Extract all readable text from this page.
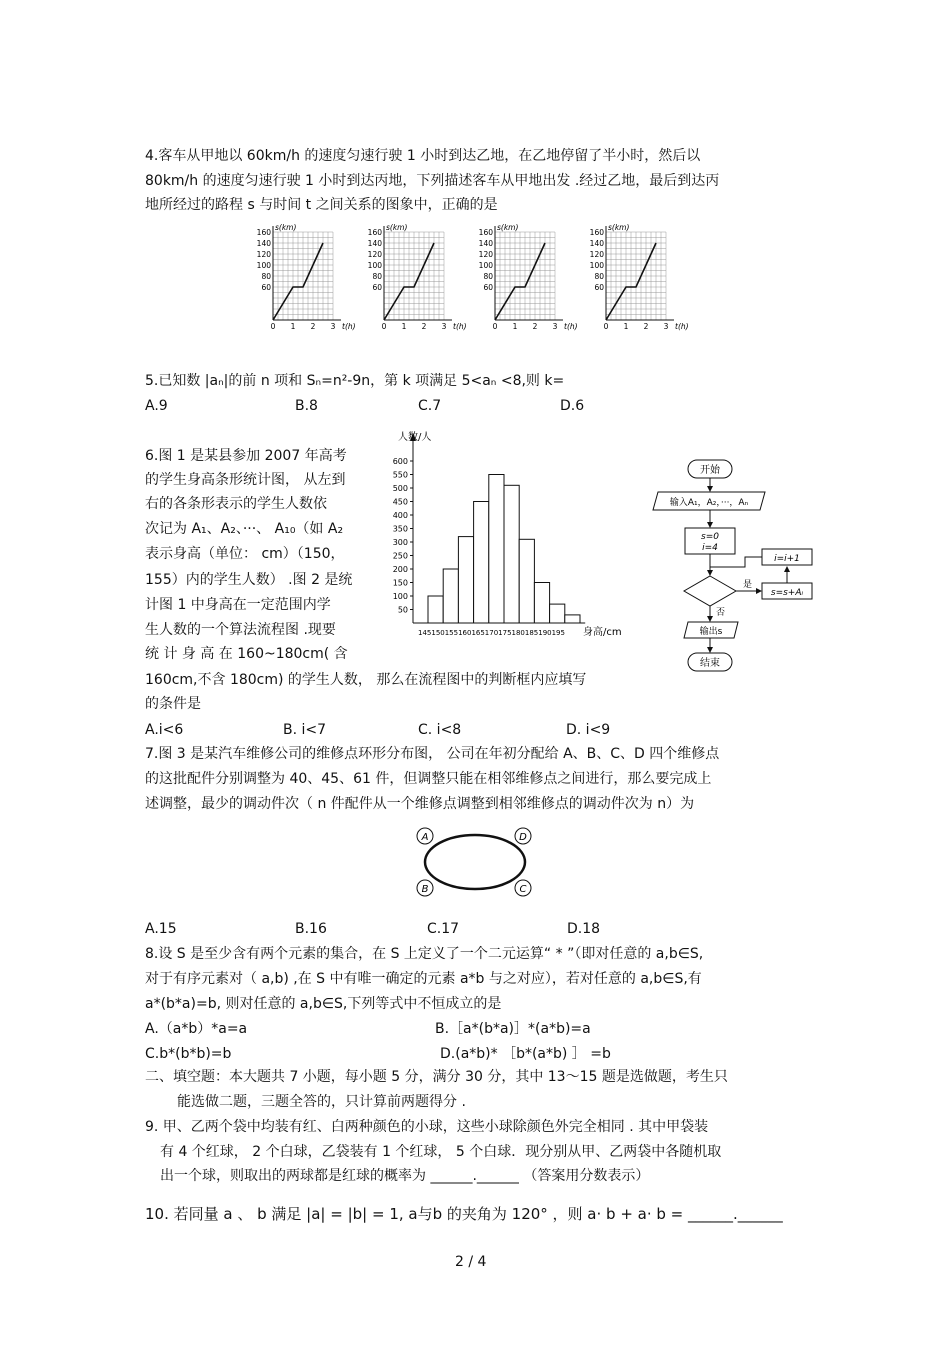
4.客车从甲地以 60km/h 的速度匀速行驶 1 小时到达乙地，在乙地停留了半小时，然后以
80km/h 的速度匀速行驶 1 小时到达丙地，下列描述客车从甲地出发 .经过乙地，最后到达丙
地所经过的路程 s 与时间 t 之间关系的图象中，正确的是
160
140
120
100
80
60
0 1 2 3
s(km)
t(h)
160
140
120
100
80
60
0 1 2 3
s(km)
t(h)
160
140
120
100
80
60
0 1 2 3
s(km)
t(h)
160
140
120
100
80
60
0 1 2 3
s(km)
t(h)
5.已知数 |aₙ|的前 n 项和 Sₙ=n²-9n，第 k 项满足 5<aₙ <8,则 k=
A.9	B.8	C.7	D.6
6.图 1 是某县参加 2007 年高考
的学生身高条形统计图， 从左到
右的各条形表示的学生人数依
次记为 A₁、A₂、···、 A₁₀（如 A₂
表示身高（单位： cm）（150，
155）内的学生人数） .图 2 是统
计图 1 中身高在一定范围内学
生人数的一个算法流程图 .现要
统 计 身 高 在 160~180cm( 含
160cm,不含 180cm) 的学生人数， 那么在流程图中的判断框内应填写
的条件是
50
100
150
200
250
300
350
400
450
500
550
600
145150155160165170175180185190195 身高/cm
人数/人
开始
输入A₁，A₂，···，Aₙ
s=0
i=4
i=i+1
是
s=s+Aᵢ
否
输出s
结束
A.i<6	B. i<7	C. i<8	D. i<9
7.图 3 是某汽车维修公司的维修点环形分布图， 公司在年初分配给 A、B、C、D 四个维修点
的这批配件分别调整为 40、45、61 件，但调整只能在相邻维修点之间进行，那么要完成上
述调整，最少的调动件次（ n 件配件从一个维修点调整到相邻维修点的调动件次为 n）为
A	D
B	C
A.15	B.16	C.17	D.18
8.设 S 是至少含有两个元素的集合，在 S 上定义了一个二元运算“ * ”（即对任意的 a,b∈S,
对于有序元素对（ a,b) ,在 S 中有唯一确定的元素 a*b 与之对应），若对任意的 a,b∈S,有
a*(b*a)=b, 则对任意的 a,b∈S,下列等式中不恒成立的是
A.（a*b）*a=a	B.［a*(b*a)］*(a*b)=a
C.b*(b*b)=b	D.(a*b)* ［b*(a*b) ］ =b
二、填空题：本大题共 7 小题，每小题 5 分，满分 30 分，其中 13～15 题是选做题，考生只
能选做二题，三题全答的，只计算前两题得分 .
9. 甲、乙两个袋中均装有红、白两种颜色的小球，这些小球除颜色外完全相同 . 其中甲袋装
有 4 个红球， 2 个白球，乙袋装有 1 个红球， 5 个白球．现分别从甲、乙两袋中各随机取
出一个球，则取出的两球都是红球的概率为 ______.______ （答案用分数表示）
10. 若同量 a 、 b 满足 |a| = |b| = 1, a与b 的夹角为 120° ，则 a· b + a· b = ______.______
2 / 4
